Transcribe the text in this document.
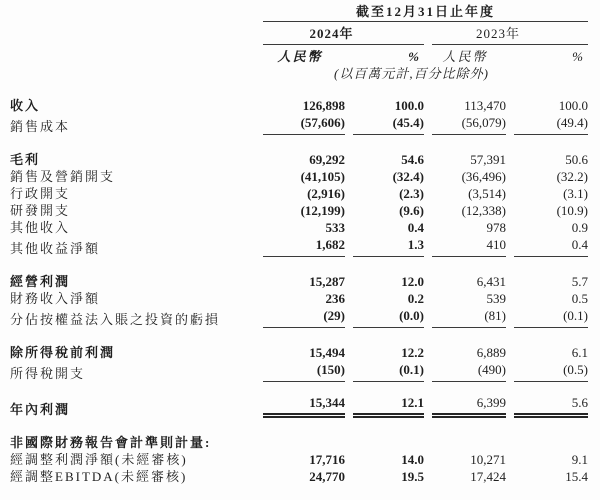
截至12月31日止年度
2024年	2023年
人民幣	%	人民幣	%
(以百萬元計,百分比除外)
收入	126,898	100.0	113,470	100.0
銷售成本	(57,606)	(45.4)	(56,079)	(49.4)
毛利	69,292	54.6	57,391	50.6
銷售及營銷開支	(41,105)	(32.4)	(36,496)	(32.2)
行政開支	(2,916)	(2.3)	(3,514)	(3.1)
研發開支	(12,199)	(9.6)	(12,338)	(10.9)
其他收入	533	0.4	978	0.9
其他收益淨額	1,682	1.3	410	0.4
經營利潤	15,287	12.0	6,431	5.7
財務收入淨額	236	0.2	539	0.5
分佔按權益法入賬之投資的虧損	(29)	(0.0)	(81)	(0.1)
除所得稅前利潤	15,494	12.2	6,889	6.1
所得稅開支	(150)	(0.1)	(490)	(0.5)
年內利潤	15,344	12.1	6,399	5.6
非國際財務報告會計準則計量:
經調整利潤淨額(未經審核)	17,716	14.0	10,271	9.1
經調整EBITDA(未經審核)	24,770	19.5	17,424	15.4
